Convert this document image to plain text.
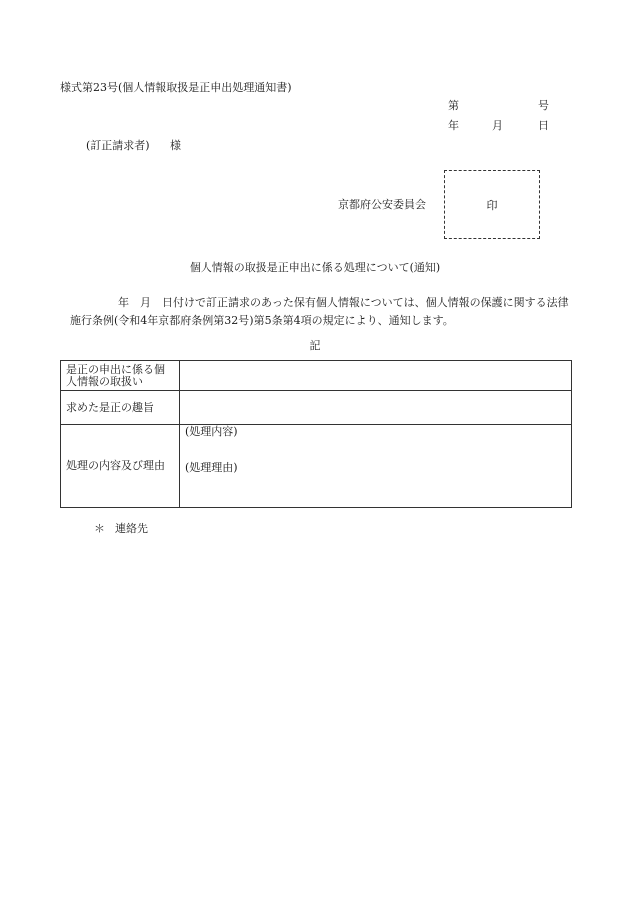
様式第23号(個人情報取扱是正申出処理通知書)
第	号
年	月	日
(訂正請求者) 様
京都府公安委員会	印
個人情報の取扱是正申出に係る処理について(通知)
年　月　日付けで訂正請求のあった保有個人情報については、個人情報の保護に関する法律
施行条例(令和4年京都府条例第32号)第5条第4項の規定により、通知します。
記
是正の申出に係る個人情報の取扱い	
求めた是正の趣旨	
処理の内容及び理由	(処理内容)
(処理理由)
＊ 連絡先
